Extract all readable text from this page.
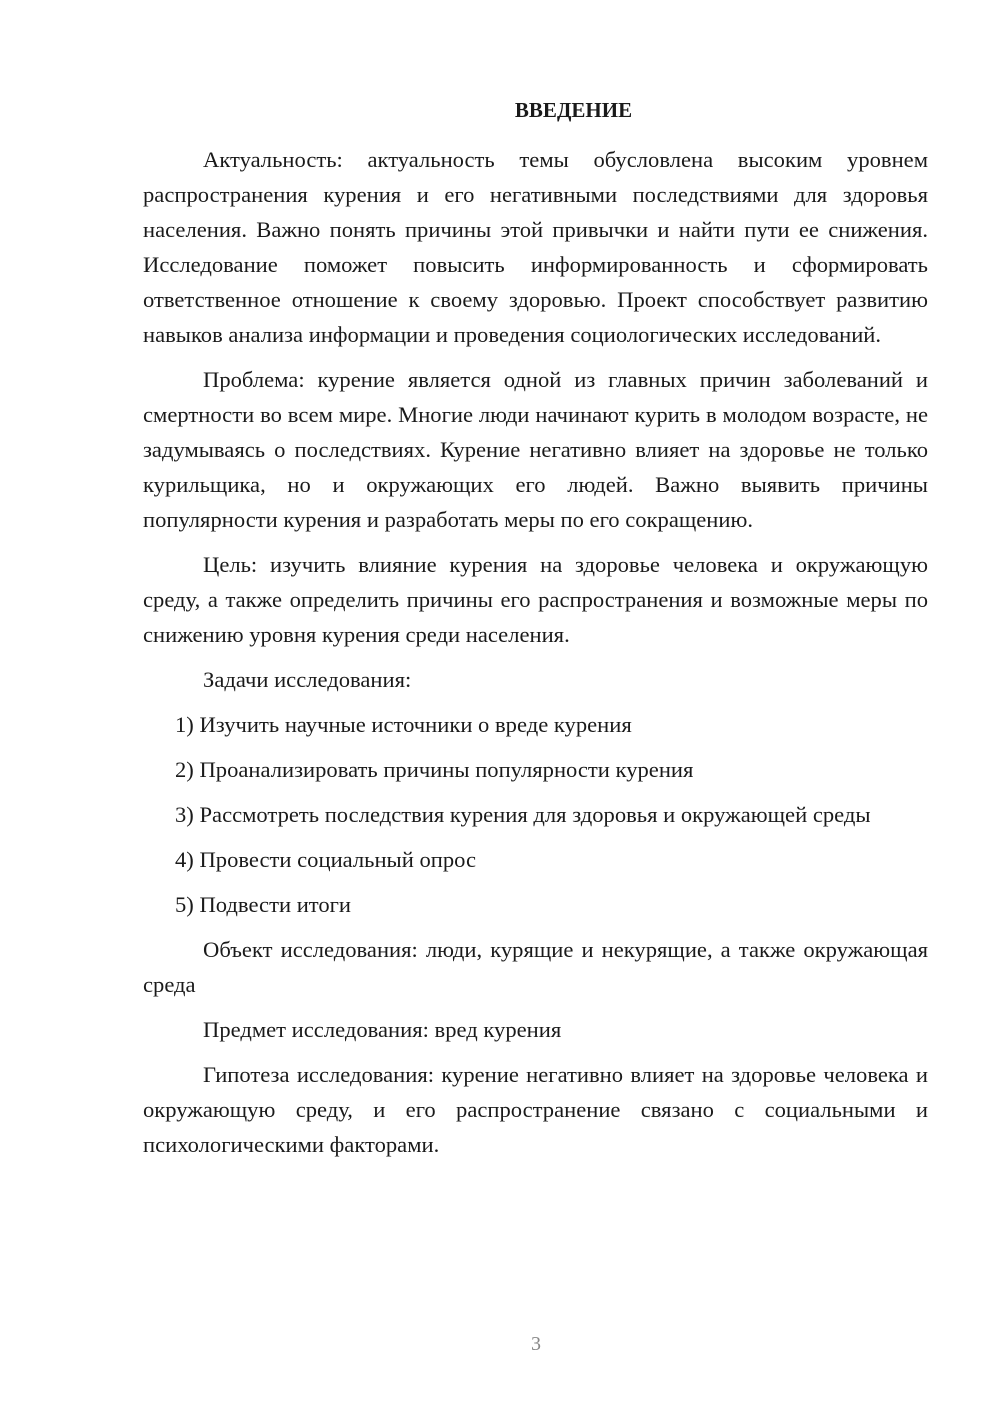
ВВЕДЕНИЕ

Актуальность: актуальность темы обусловлена высоким уровнем распространения курения и его негативными последствиями для здоровья населения. Важно понять причины этой привычки и найти пути ее снижения. Исследование поможет повысить информированность и сформировать ответственное отношение к своему здоровью. Проект способствует развитию навыков анализа информации и проведения социологических исследований.

Проблема: курение является одной из главных причин заболеваний и смертности во всем мире. Многие люди начинают курить в молодом возрасте, не задумываясь о последствиях. Курение негативно влияет на здоровье не только курильщика, но и окружающих его людей. Важно выявить причины популярности курения и разработать меры по его сокращению.

Цель: изучить влияние курения на здоровье человека и окружающую среду, а также определить причины его распространения и возможные меры по снижению уровня курения среди населения.

Задачи исследования:

1) Изучить научные источники о вреде курения

2) Проанализировать причины популярности курения

3) Рассмотреть последствия курения для здоровья и окружающей среды

4) Провести социальный опрос

5) Подвести итоги

Объект исследования: люди, курящие и некурящие, а также окружающая среда

Предмет исследования: вред курения

Гипотеза исследования: курение негативно влияет на здоровье человека и окружающую среду, и его распространение связано с социальными и психологическими факторами.

3
